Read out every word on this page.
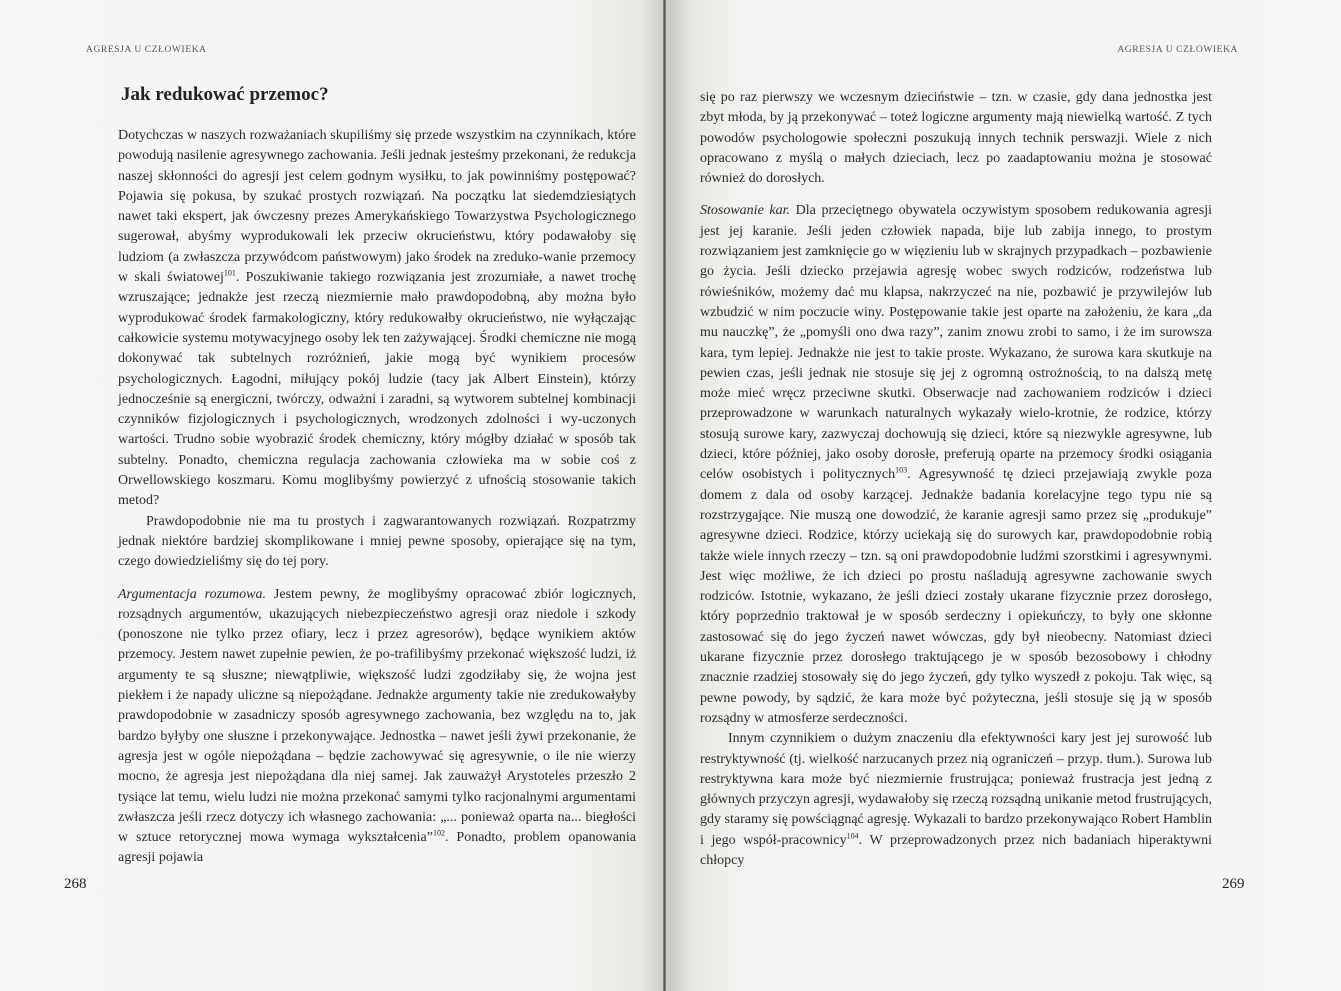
AGRESJA U CZŁOWIEKA
Jak redukować przemoc?

Dotychczas w naszych rozważaniach skupiliśmy się przede wszystkim na czynnikach, które powodują nasilenie agresywnego zachowania. Jeśli jednak jesteśmy przekonani, że redukcja naszej skłonności do agresji jest celem godnym wysiłku, to jak powinniśmy postępować? Pojawia się pokusa, by szukać prostych rozwiązań. Na początku lat siedemdziesiątych nawet taki ekspert, jak ówczesny prezes Amerykańskiego Towarzystwa Psychologicznego sugerował, abyśmy wyprodukowali lek przeciw okrucieństwu, który podawałoby się ludziom (a zwłaszcza przywódcom państwowym) jako środek na zreduko-wanie przemocy w skali światowej$^{101}$. Poszukiwanie takiego rozwiązania jest zrozumiałe, a nawet trochę wzruszające; jednakże jest rzeczą niezmiernie mało prawdopodobną, aby można było wyprodukować środek farmakologiczny, który redukowałby okrucieństwo, nie wyłączając całkowicie systemu motywacyjnego osoby lek ten zażywającej. Środki chemiczne nie mogą dokonywać tak subtelnych rozróżnień, jakie mogą być wynikiem procesów psychologicznych. Łagodni, miłujący pokój ludzie (tacy jak Albert Einstein), którzy jednocześnie są energiczni, twórczy, odważni i zaradni, są wytworem subtelnej kombinacji czynników fizjologicznych i psychologicznych, wrodzonych zdolności i wy-uczonych wartości. Trudno sobie wyobrazić środek chemiczny, który mógłby działać w sposób tak subtelny. Ponadto, chemiczna regulacja zachowania człowieka ma w sobie coś z Orwellowskiego koszmaru. Komu moglibyśmy powierzyć z ufnością stosowanie takich metod?

Prawdopodobnie nie ma tu prostych i zagwarantowanych rozwiązań. Rozpatrzmy jednak niektóre bardziej skomplikowane i mniej pewne sposoby, opierające się na tym, czego dowiedzieliśmy się do tej pory.

Argumentacja rozumowa. Jestem pewny, że moglibyśmy opracować zbiór logicznych, rozsądnych argumentów, ukazujących niebezpieczeństwo agresji oraz niedole i szkody (ponoszone nie tylko przez ofiary, lecz i przez agresorów), będące wynikiem aktów przemocy. Jestem nawet zupełnie pewien, że po-trafilibyśmy przekonać większość ludzi, iż argumenty te są słuszne; niewątpliwie, większość ludzi zgodziłaby się, że wojna jest piekłem i że napady uliczne są niepożądane. Jednakże argumenty takie nie zredukowałyby prawdopodobnie w zasadniczy sposób agresywnego zachowania, bez względu na to, jak bardzo byłyby one słuszne i przekonywające. Jednostka – nawet jeśli żywi przekonanie, że agresja jest w ogóle niepożądana – będzie zachowywać się agresywnie, o ile nie wierzy mocno, że agresja jest niepożądana dla niej samej. Jak zauważył Arystoteles przeszło 2 tysiące lat temu, wielu ludzi nie można przekonać samymi tylko racjonalnymi argumentami zwłaszcza jeśli rzecz dotyczy ich własnego zachowania: „... ponieważ oparta na... biegłości w sztuce retorycznej mowa wymaga wykształcenia”$^{102}$. Ponadto, problem opanowania agresji pojawia

268
AGRESJA U CZŁOWIEKA

się po raz pierwszy we wczesnym dzieciństwie – tzn. w czasie, gdy dana jednostka jest zbyt młoda, by ją przekonywać – toteż logiczne argumenty mają niewielką wartość. Z tych powodów psychologowie społeczni poszukują innych technik perswazji. Wiele z nich opracowano z myślą o małych dzieciach, lecz po zaadaptowaniu można je stosować również do dorosłych.

Stosowanie kar. Dla przeciętnego obywatela oczywistym sposobem redukowania agresji jest jej karanie. Jeśli jeden człowiek napada, bije lub zabija innego, to prostym rozwiązaniem jest zamknięcie go w więzieniu lub w skrajnych przypadkach – pozbawienie go życia. Jeśli dziecko przejawia agresję wobec swych rodziców, rodzeństwa lub rówieśników, możemy dać mu klapsa, nakrzyczeć na nie, pozbawić je przywilejów lub wzbudzić w nim poczucie winy. Postępowanie takie jest oparte na założeniu, że kara „da mu nauczkę”, że „pomyśli ono dwa razy”, zanim znowu zrobi to samo, i że im surowsza kara, tym lepiej. Jednakże nie jest to takie proste. Wykazano, że surowa kara skutkuje na pewien czas, jeśli jednak nie stosuje się jej z ogromną ostrożnością, to na dalszą metę może mieć wręcz przeciwne skutki. Obserwacje nad zachowaniem rodziców i dzieci przeprowadzone w warunkach naturalnych wykazały wielo-krotnie, że rodzice, którzy stosują surowe kary, zazwyczaj dochowują się dzieci, które są niezwykle agresywne, lub dzieci, które później, jako osoby dorosłe, preferują oparte na przemocy środki osiągania celów osobistych i politycznych$^{103}$. Agresywność tę dzieci przejawiają zwykle poza domem z dala od osoby karzącej. Jednakże badania korelacyjne tego typu nie są rozstrzygające. Nie muszą one dowodzić, że karanie agresji samo przez się „produkuje” agresywne dzieci. Rodzice, którzy uciekają się do surowych kar, prawdopodobnie robią także wiele innych rzeczy – tzn. są oni prawdopodobnie ludźmi szorstkimi i agresywnymi. Jest więc możliwe, że ich dzieci po prostu naśladują agresywne zachowanie swych rodziców. Istotnie, wykazano, że jeśli dzieci zostały ukarane fizycznie przez dorosłego, który poprzednio traktował je w sposób serdeczny i opiekuńczy, to były one skłonne zastosować się do jego życzeń nawet wówczas, gdy był nieobecny. Natomiast dzieci ukarane fizycznie przez dorosłego traktującego je w sposób bezosobowy i chłodny znacznie rzadziej stosowały się do jego życzeń, gdy tylko wyszedł z pokoju. Tak więc, są pewne powody, by sądzić, że kara może być pożyteczna, jeśli stosuje się ją w sposób rozsądny w atmosferze serdeczności.

Innym czynnikiem o dużym znaczeniu dla efektywności kary jest jej surowość lub restryktywność (tj. wielkość narzucanych przez nią ograniczeń – przyp. tłum.). Surowa lub restryktywna kara może być niezmiernie frustrująca; ponieważ frustracja jest jedną z głównych przyczyn agresji, wydawałoby się rzeczą rozsądną unikanie metod frustrujących, gdy staramy się powściągnąć agresję. Wykazali to bardzo przekonywająco Robert Hamblin i jego współ-pracownicy$^{104}$. W przeprowadzonych przez nich badaniach hiperaktywni chłopcy

269
